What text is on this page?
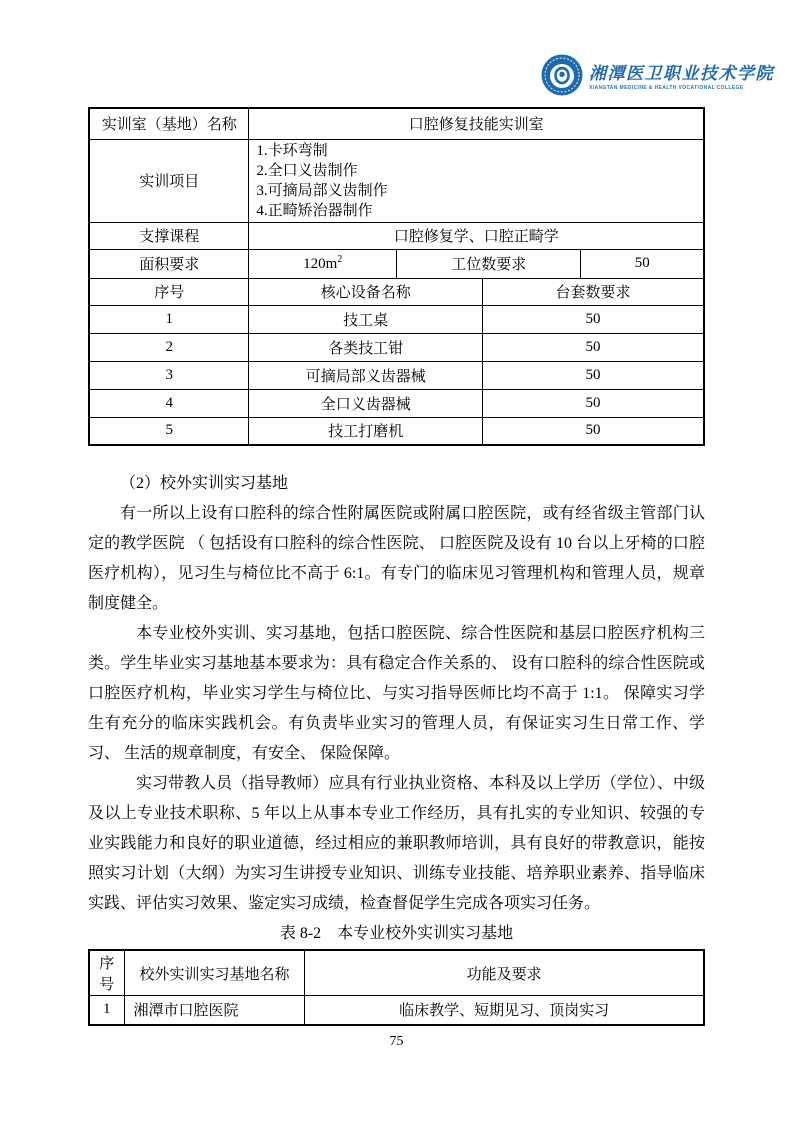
湘潭医卫职业技术学院
XIANGTAN MEDICINE & HEALTH VOCATIONAL COLLEGE
实训室（基地）名称	口腔修复技能实训室			
实训项目	1.卡环弯制
2.全口义齿制作
3.可摘局部义齿制作
4.正畸矫治器制作			

支撑课程	口腔修复学、口腔正畸学			
面积要求	$120m^2$	工位数要求		50
序号	核心设备名称		台套数要求	
1	技工桌		50	
2	各类技工钳		50	
3	可摘局部义齿器械		50	
4	全口义齿器械		50	
5	技工打磨机		50	

（2）校外实训实习基地

有一所以上设有口腔科的综合性附属医院或附属口腔医院，或有经省级主管部门认定的教学医院 （ 包括设有口腔科的综合性医院、 口腔医院及设有 10 台以上牙椅的口腔医疗机构），见习生与椅位比不高于 6:1。有专门的临床见习管理机构和管理人员，规章制度健全。

本专业校外实训、实习基地，包括口腔医院、综合性医院和基层口腔医疗机构三类。学生毕业实习基地基本要求为：具有稳定合作关系的、 设有口腔科的综合性医院或口腔医疗机构，毕业实习学生与椅位比、与实习指导医师比均不高于 1:1。 保障实习学生有充分的临床实践机会。有负责毕业实习的管理人员，有保证实习生日常工作、学习、 生活的规章制度，有安全、 保险保障。

实习带教人员（指导教师）应具有行业执业资格、本科及以上学历（学位）、中级及以上专业技术职称、5 年以上从事本专业工作经历，具有扎实的专业知识、较强的专业实践能力和良好的职业道德，经过相应的兼职教师培训，具有良好的带教意识，能按照实习计划（大纲）为实习生讲授专业知识、训练专业技能、培养职业素养、指导临床实践、评估实习效果、鉴定实习成绩，检查督促学生完成各项实习任务。

表 8-2　本专业校外实训实习基地

序号	校外实训实习基地名称	功能及要求
1	湘潭市口腔医院	临床教学、短期见习、顶岗实习
75
